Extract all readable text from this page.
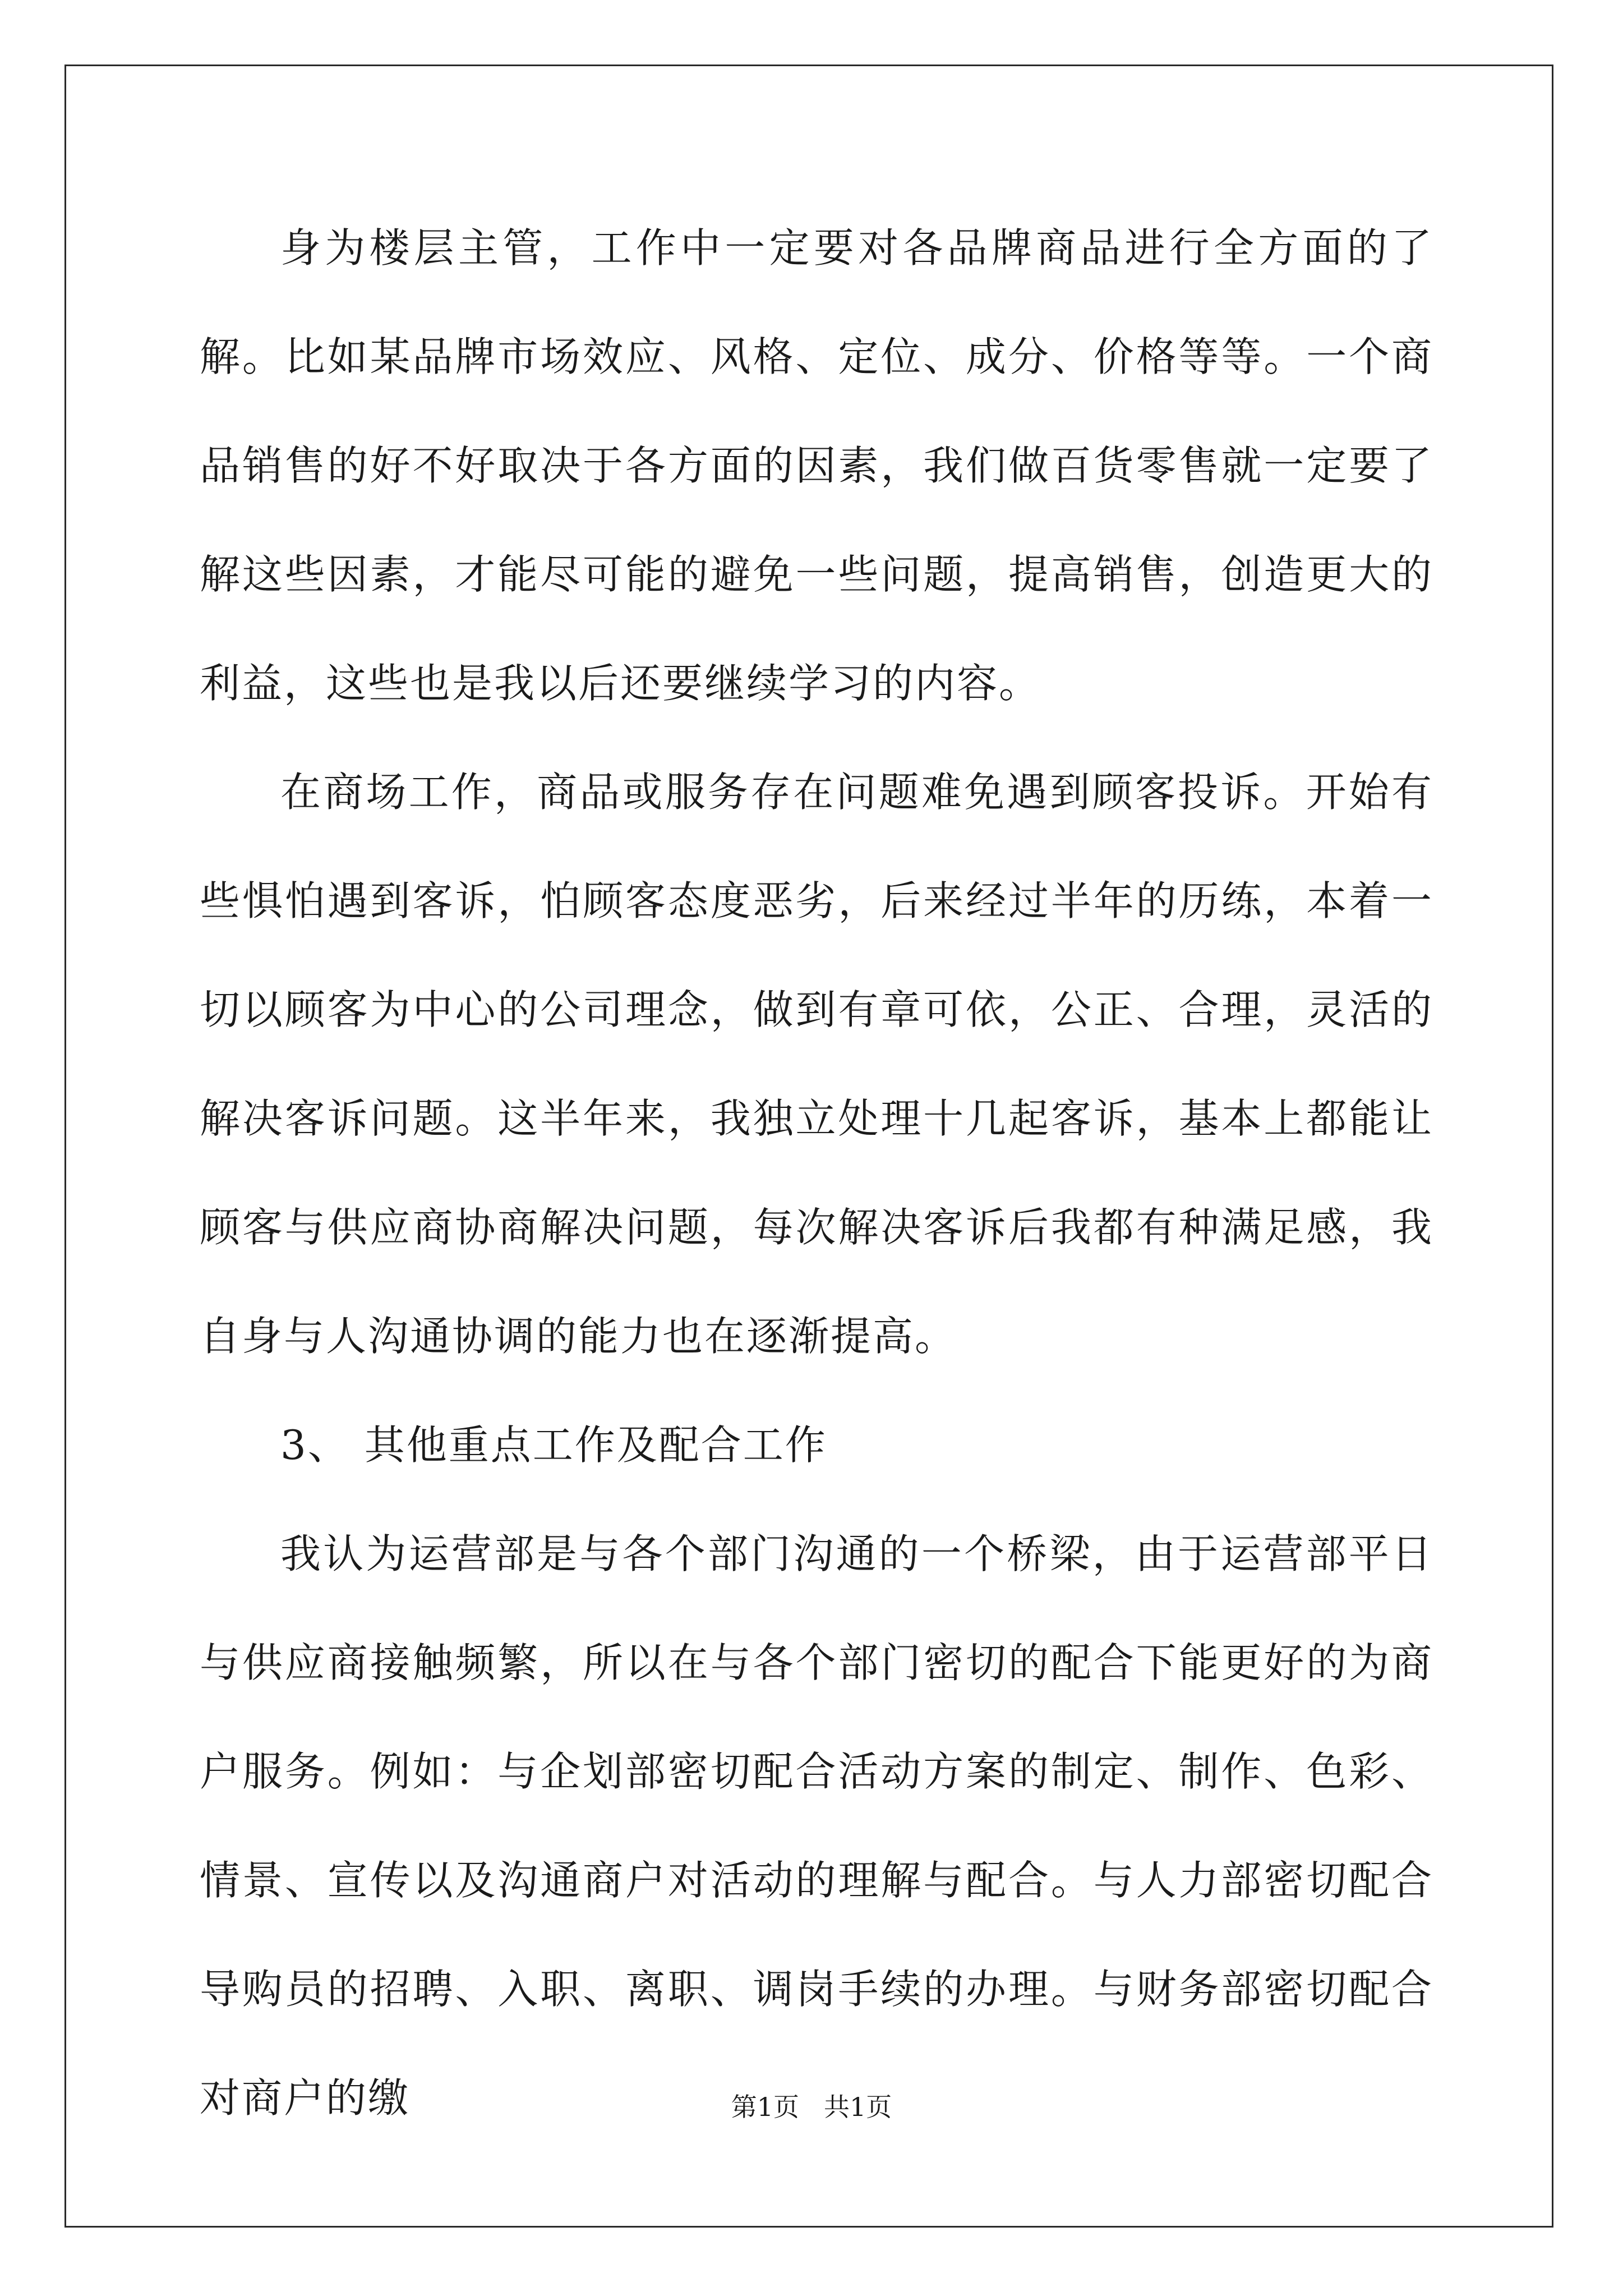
身为楼层主管，工作中一定要对各品牌商品进行全方面的了解。比如某品牌市场效应、风格、定位、成分、价格等等。一个商品销售的好不好取决于各方面的因素，我们做百货零售就一定要了解这些因素，才能尽可能的避免一些问题，提高销售，创造更大的利益，这些也是我以后还要继续学习的内容。

在商场工作，商品或服务存在问题难免遇到顾客投诉。开始有些惧怕遇到客诉，怕顾客态度恶劣，后来经过半年的历练，本着一切以顾客为中心的公司理念，做到有章可依，公正、合理，灵活的解决客诉问题。这半年来，我独立处理十几起客诉，基本上都能让顾客与供应商协商解决问题，每次解决客诉后我都有种满足感，我自身与人沟通协调的能力也在逐渐提高。

3、 其他重点工作及配合工作

我认为运营部是与各个部门沟通的一个桥梁，由于运营部平日与供应商接触频繁，所以在与各个部门密切的配合下能更好的为商户服务。例如：与企划部密切配合活动方案的制定、制作、色彩、情景、宣传以及沟通商户对活动的理解与配合。与人力部密切配合导购员的招聘、入职、离职、调岗手续的办理。与财务部密切配合对商户的缴	第1页 共1页
